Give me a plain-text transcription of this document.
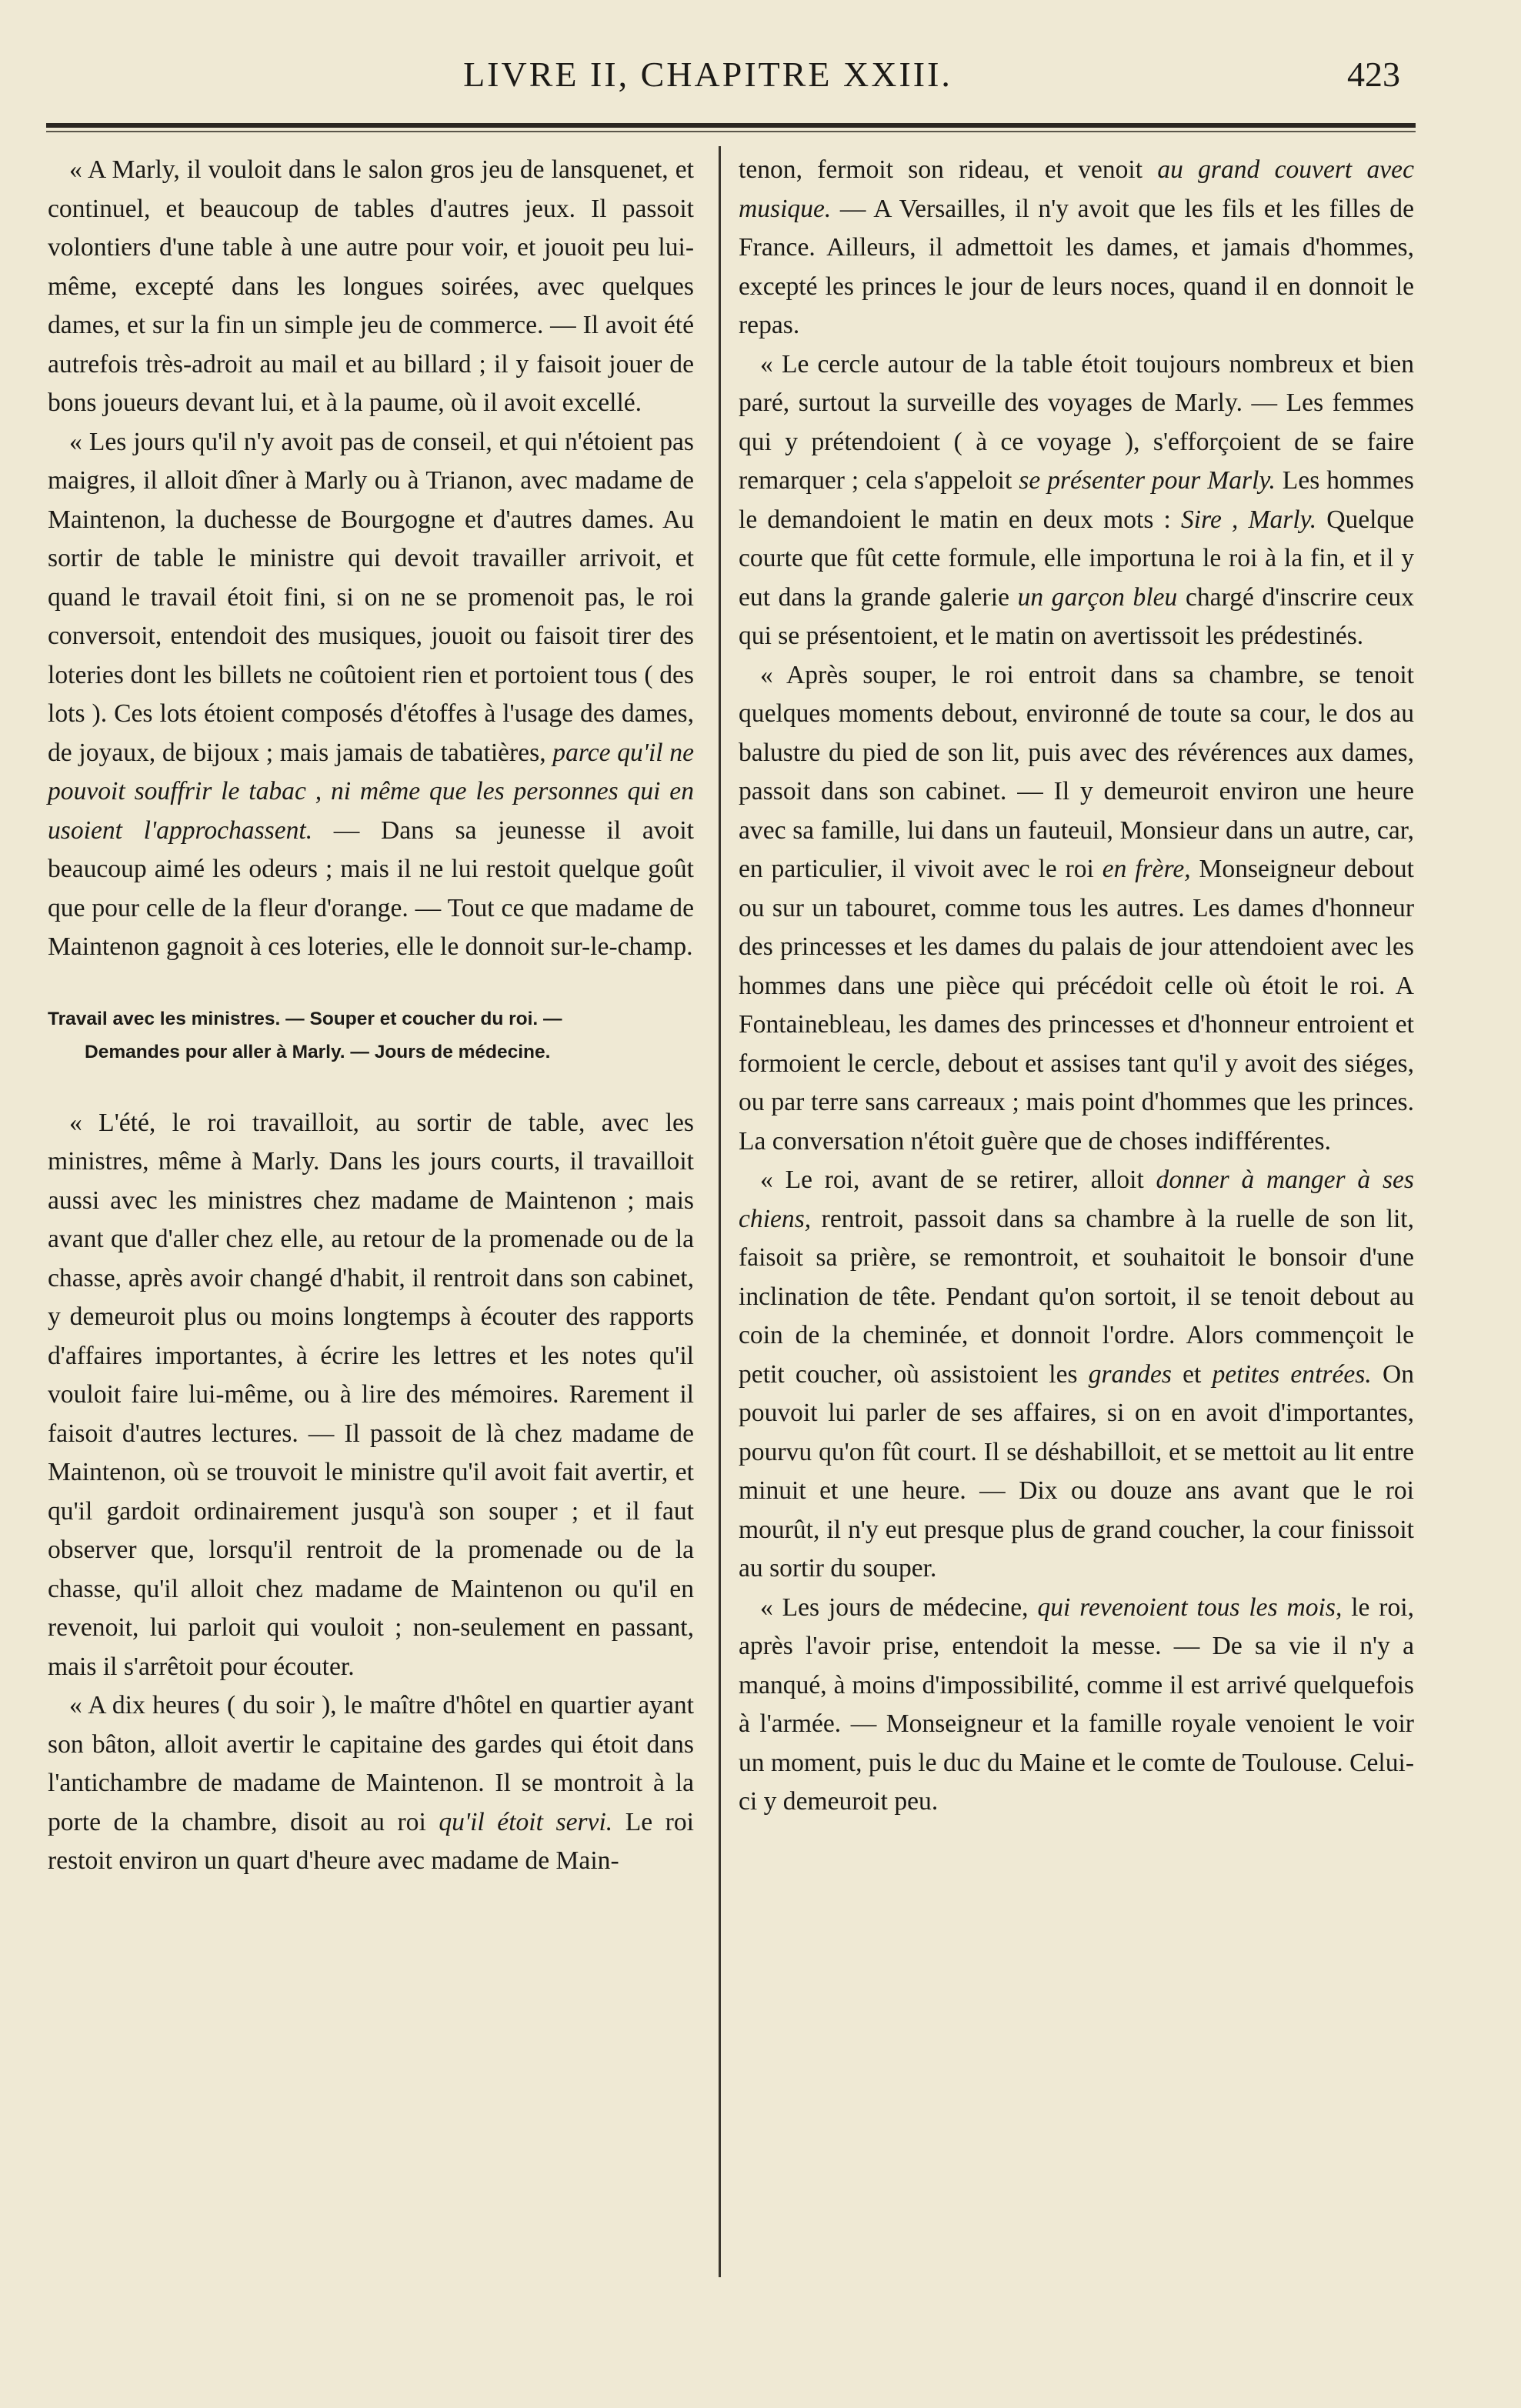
LIVRE II, CHAPITRE XXIII.	423

« A Marly, il vouloit dans le salon gros jeu de lansquenet, et continuel, et beaucoup de tables d'autres jeux. Il passoit volontiers d'une table à une autre pour voir, et jouoit peu lui-même, excepté dans les longues soirées, avec quelques dames, et sur la fin un simple jeu de commerce. — Il avoit été autrefois très-adroit au mail et au billard ; il y faisoit jouer de bons joueurs devant lui, et à la paume, où il avoit excellé.

« Les jours qu'il n'y avoit pas de conseil, et qui n'étoient pas maigres, il alloit dîner à Marly ou à Trianon, avec madame de Maintenon, la duchesse de Bourgogne et d'autres dames. Au sortir de table le ministre qui devoit travailler arrivoit, et quand le travail étoit fini, si on ne se promenoit pas, le roi conversoit, entendoit des musiques, jouoit ou faisoit tirer des loteries dont les billets ne coûtoient rien et portoient tous ( des lots ). Ces lots étoient composés d'étoffes à l'usage des dames, de joyaux, de bijoux ; mais jamais de tabatières, parce qu'il ne pouvoit souffrir le tabac , ni même que les personnes qui en usoient l'approchassent. — Dans sa jeunesse il avoit beaucoup aimé les odeurs ; mais il ne lui restoit quelque goût que pour celle de la fleur d'orange. — Tout ce que madame de Maintenon gagnoit à ces loteries, elle le donnoit sur-le-champ.

Travail avec les ministres. — Souper et coucher du roi. —
Demandes pour aller à Marly. — Jours de médecine.

« L'été, le roi travailloit, au sortir de table, avec les ministres, même à Marly. Dans les jours courts, il travailloit aussi avec les ministres chez madame de Maintenon ; mais avant que d'aller chez elle, au retour de la promenade ou de la chasse, après avoir changé d'habit, il rentroit dans son cabinet, y demeuroit plus ou moins longtemps à écouter des rapports d'affaires importantes, à écrire les lettres et les notes qu'il vouloit faire lui-même, ou à lire des mémoires. Rarement il faisoit d'autres lectures. — Il passoit de là chez madame de Maintenon, où se trouvoit le ministre qu'il avoit fait avertir, et qu'il gardoit ordinairement jusqu'à son souper ; et il faut observer que, lorsqu'il rentroit de la promenade ou de la chasse, qu'il alloit chez madame de Maintenon ou qu'il en revenoit, lui parloit qui vouloit ; non-seulement en passant, mais il s'arrêtoit pour écouter.

« A dix heures ( du soir ), le maître d'hôtel en quartier ayant son bâton, alloit avertir le capitaine des gardes qui étoit dans l'antichambre de madame de Maintenon. Il se montroit à la porte de la chambre, disoit au roi qu'il étoit servi. Le roi restoit environ un quart d'heure avec madame de Main-

tenon, fermoit son rideau, et venoit au grand couvert avec musique. — A Versailles, il n'y avoit que les fils et les filles de France. Ailleurs, il admettoit les dames, et jamais d'hommes, excepté les princes le jour de leurs noces, quand il en donnoit le repas.

« Le cercle autour de la table étoit toujours nombreux et bien paré, surtout la surveille des voyages de Marly. — Les femmes qui y prétendoient ( à ce voyage ), s'efforçoient de se faire remarquer ; cela s'appeloit se présenter pour Marly. Les hommes le demandoient le matin en deux mots : Sire , Marly. Quelque courte que fût cette formule, elle importuna le roi à la fin, et il y eut dans la grande galerie un garçon bleu chargé d'inscrire ceux qui se présentoient, et le matin on avertissoit les prédestinés.

« Après souper, le roi entroit dans sa chambre, se tenoit quelques moments debout, environné de toute sa cour, le dos au balustre du pied de son lit, puis avec des révérences aux dames, passoit dans son cabinet. — Il y demeuroit environ une heure avec sa famille, lui dans un fauteuil, Monsieur dans un autre, car, en particulier, il vivoit avec le roi en frère, Monseigneur debout ou sur un tabouret, comme tous les autres. Les dames d'honneur des princesses et les dames du palais de jour attendoient avec les hommes dans une pièce qui précédoit celle où étoit le roi. A Fontainebleau, les dames des princesses et d'honneur entroient et formoient le cercle, debout et assises tant qu'il y avoit des siéges, ou par terre sans carreaux ; mais point d'hommes que les princes. La conversation n'étoit guère que de choses indifférentes.

« Le roi, avant de se retirer, alloit donner à manger à ses chiens, rentroit, passoit dans sa chambre à la ruelle de son lit, faisoit sa prière, se remontroit, et souhaitoit le bonsoir d'une inclination de tête. Pendant qu'on sortoit, il se tenoit debout au coin de la cheminée, et donnoit l'ordre. Alors commençoit le petit coucher, où assistoient les grandes et petites entrées. On pouvoit lui parler de ses affaires, si on en avoit d'importantes, pourvu qu'on fût court. Il se déshabilloit, et se mettoit au lit entre minuit et une heure. — Dix ou douze ans avant que le roi mourût, il n'y eut presque plus de grand coucher, la cour finissoit au sortir du souper.

« Les jours de médecine, qui revenoient tous les mois, le roi, après l'avoir prise, entendoit la messe. — De sa vie il n'y a manqué, à moins d'impossibilité, comme il est arrivé quelquefois à l'armée. — Monseigneur et la famille royale venoient le voir un moment, puis le duc du Maine et le comte de Toulouse. Celui-ci y demeuroit peu.
